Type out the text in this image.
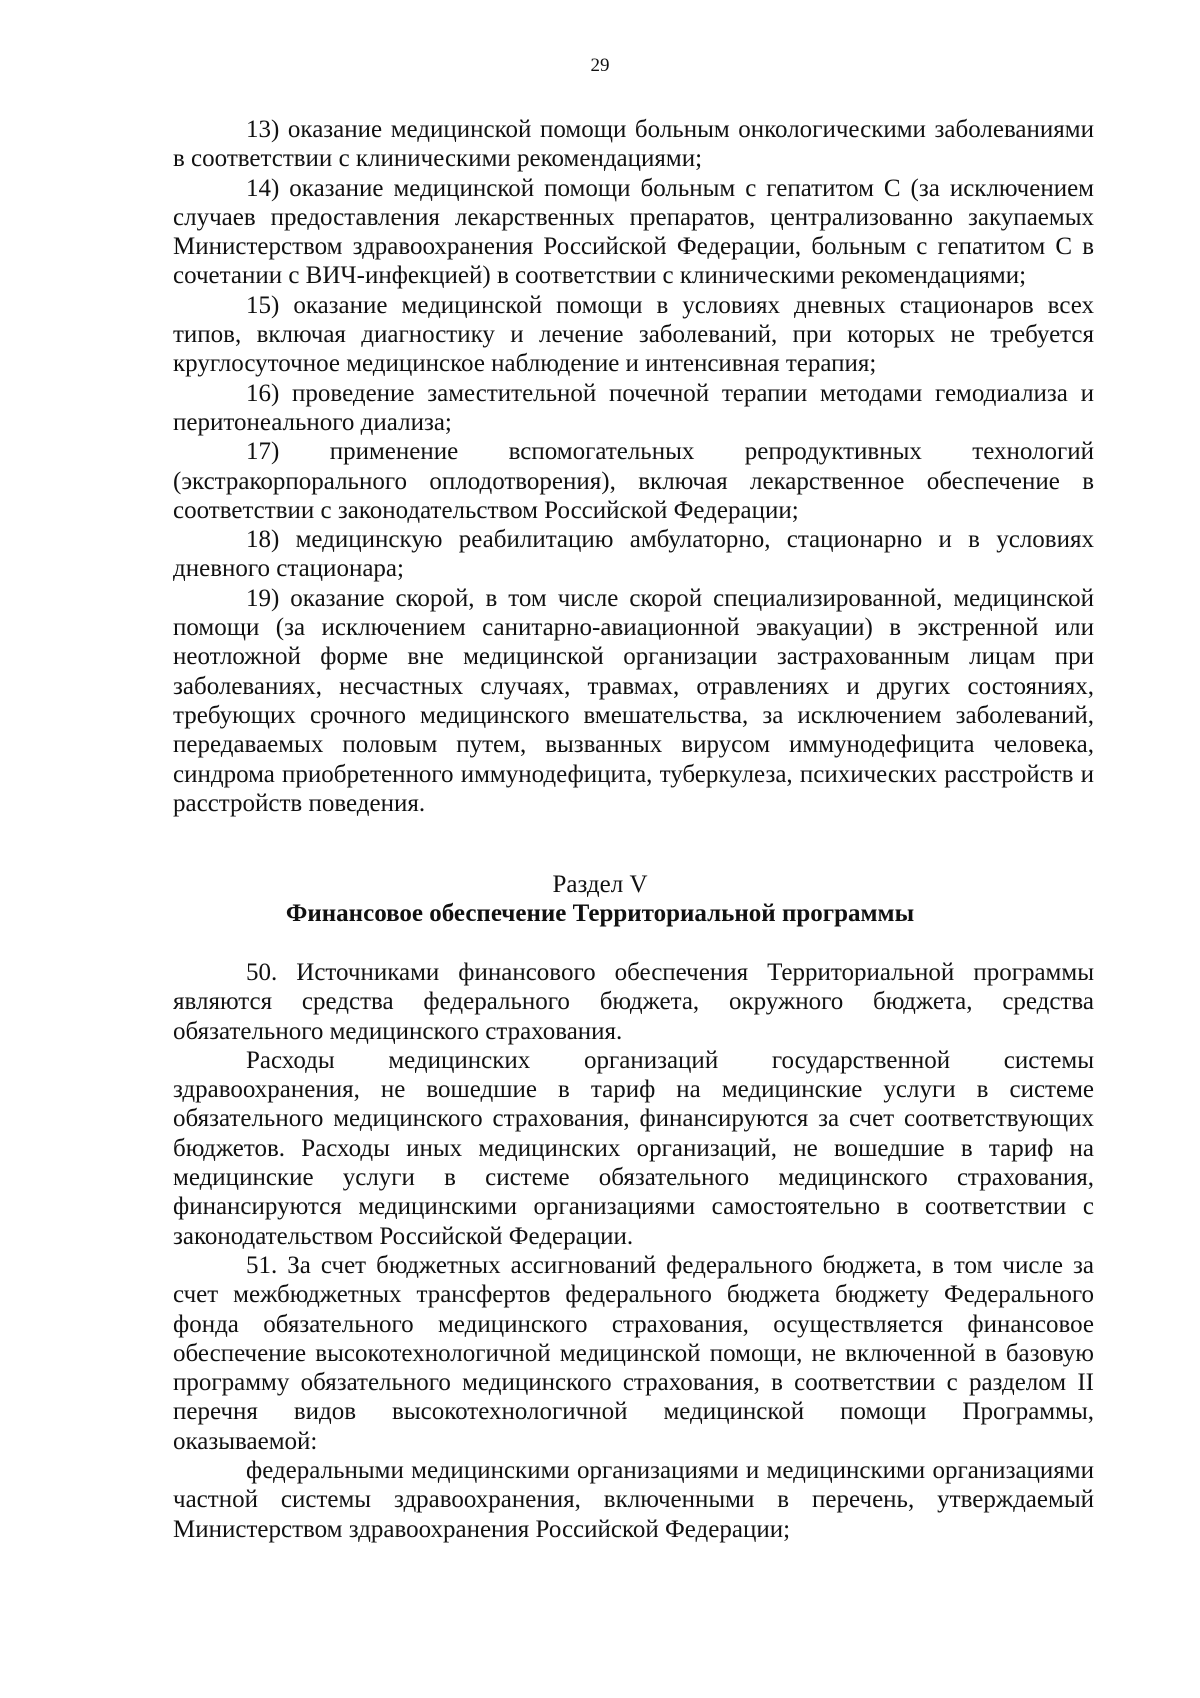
29

13) оказание медицинской помощи больным онкологическими заболеваниями в соответствии с клиническими рекомендациями;

14) оказание медицинской помощи больным с гепатитом С (за исключением случаев предоставления лекарственных препаратов, централизованно закупаемых Министерством здравоохранения Российской Федерации, больным с гепатитом С в сочетании с ВИЧ-инфекцией) в соответствии с клиническими рекомендациями;

15) оказание медицинской помощи в условиях дневных стационаров всех типов, включая диагностику и лечение заболеваний, при которых не требуется круглосуточное медицинское наблюдение и интенсивная терапия;

16) проведение заместительной почечной терапии методами гемодиализа и перитонеального диализа;

17) применение вспомогательных репродуктивных технологий (экстракорпорального оплодотворения), включая лекарственное обеспечение в соответствии с законодательством Российской Федерации;

18) медицинскую реабилитацию амбулаторно, стационарно и в условиях дневного стационара;

19) оказание скорой, в том числе скорой специализированной, медицинской помощи (за исключением санитарно-авиационной эвакуации) в экстренной или неотложной форме вне медицинской организации застрахованным лицам при заболеваниях, несчастных случаях, травмах, отравлениях и других состояниях, требующих срочного медицинского вмешательства, за исключением заболеваний, передаваемых половым путем, вызванных вирусом иммунодефицита человека, синдрома приобретенного иммунодефицита, туберкулеза, психических расстройств и расстройств поведения.

Раздел V
Финансовое обеспечение Территориальной программы

50. Источниками финансового обеспечения Территориальной программы являются средства федерального бюджета, окружного бюджета, средства обязательного медицинского страхования.

Расходы медицинских организаций государственной системы здравоохранения, не вошедшие в тариф на медицинские услуги в системе обязательного медицинского страхования, финансируются за счет соответствующих бюджетов. Расходы иных медицинских организаций, не вошедшие в тариф на медицинские услуги в системе обязательного медицинского страхования, финансируются медицинскими организациями самостоятельно в соответствии с законодательством Российской Федерации.

51. За счет бюджетных ассигнований федерального бюджета, в том числе за счет межбюджетных трансфертов федерального бюджета бюджету Федерального фонда обязательного медицинского страхования, осуществляется финансовое обеспечение высокотехнологичной медицинской помощи, не включенной в базовую программу обязательного медицинского страхования, в соответствии с разделом II перечня видов высокотехнологичной медицинской помощи Программы, оказываемой:

федеральными медицинскими организациями и медицинскими организациями частной системы здравоохранения, включенными в перечень, утверждаемый Министерством здравоохранения Российской Федерации;
